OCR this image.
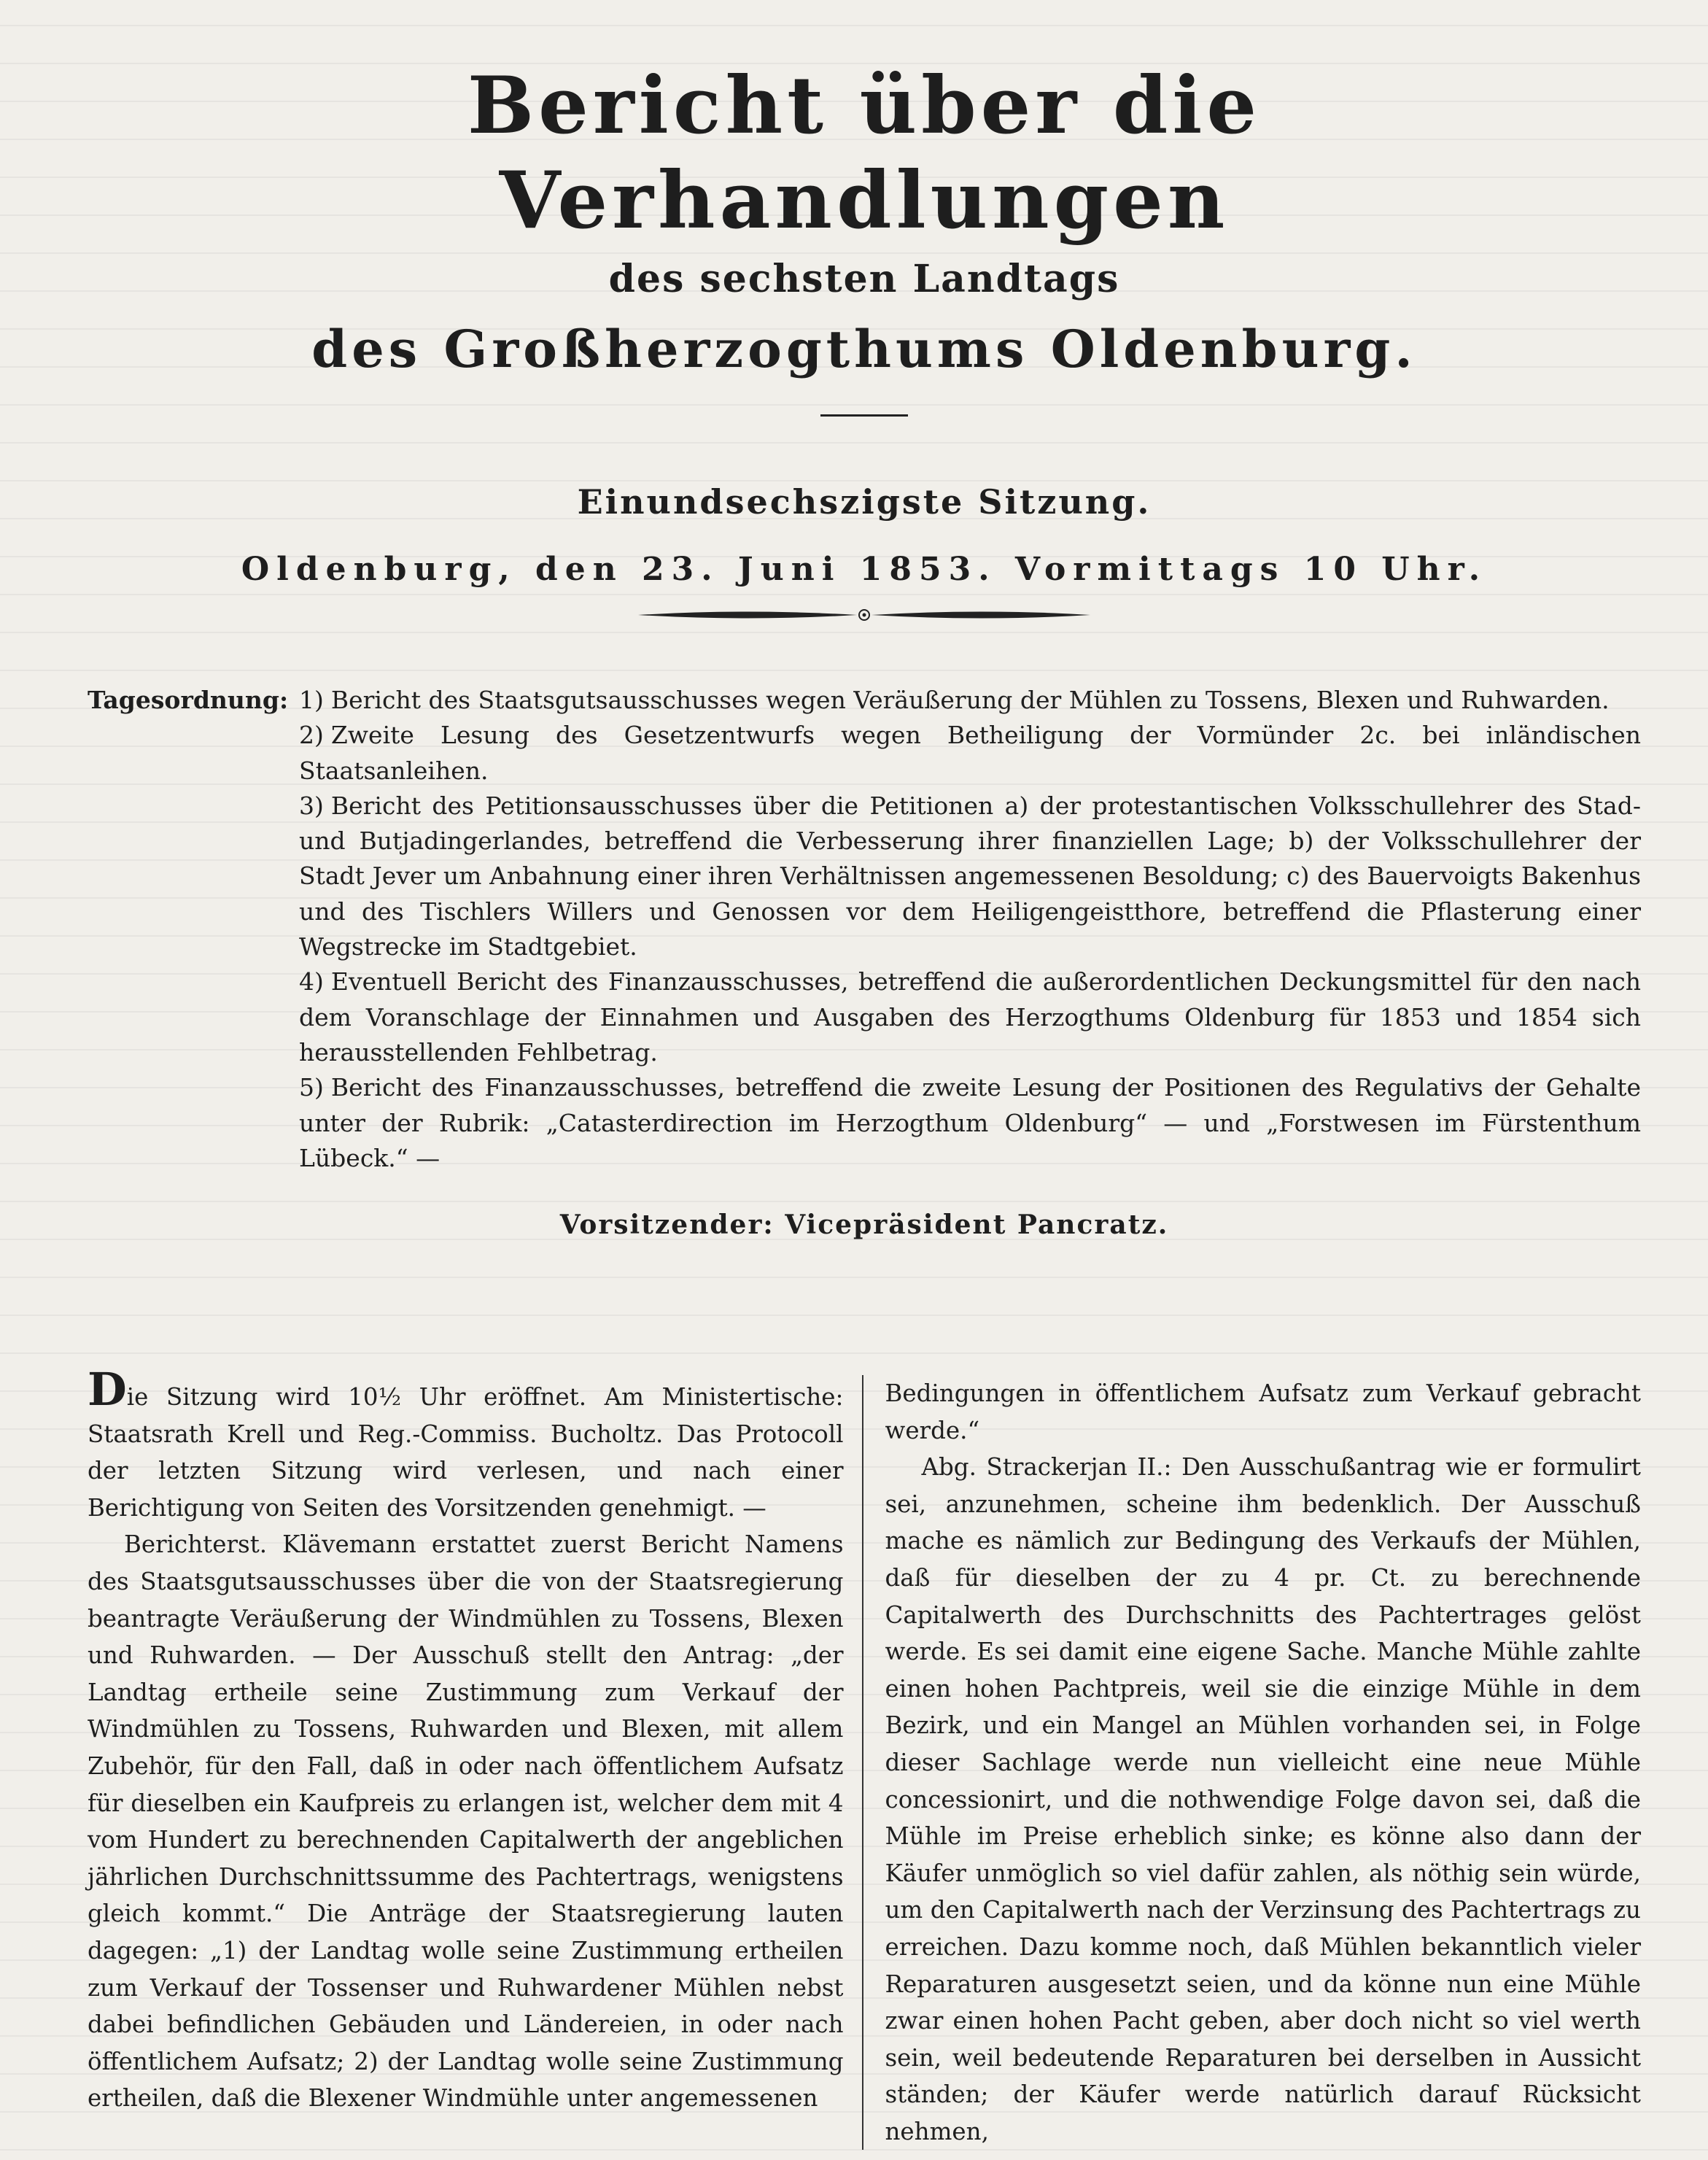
Bericht über die Verhandlungen
des sechsten Landtags
des Großherzogthums Oldenburg.
Einundsechszigste Sitzung.
Oldenburg, den 23. Juni 1853. Vormittags 10 Uhr.
Tagesordnung: 1) Bericht des Staatsgutsausschusses wegen Veräußerung der Mühlen zu Tossens, Blexen und Ruhwarden.

2) Zweite Lesung des Gesetzentwurfs wegen Betheiligung der Vormünder 2c. bei inländischen Staatsanleihen.

3) Bericht des Petitionsausschusses über die Petitionen a) der protestantischen Volksschullehrer des Stad- und Butjadingerlandes, betreffend die Verbesserung ihrer finanziellen Lage; b) der Volksschullehrer der Stadt Jever um Anbahnung einer ihren Verhältnissen angemessenen Besoldung; c) des Bauervoigts Bakenhus und des Tischlers Willers und Genossen vor dem Heiligengeistthore, betreffend die Pflasterung einer Wegstrecke im Stadtgebiet.

4) Eventuell Bericht des Finanzausschusses, betreffend die außerordentlichen Deckungsmittel für den nach dem Voranschlage der Einnahmen und Ausgaben des Herzogthums Oldenburg für 1853 und 1854 sich herausstellenden Fehlbetrag.

5) Bericht des Finanzausschusses, betreffend die zweite Lesung der Positionen des Regulativs der Gehalte unter der Rubrik: „Catasterdirection im Herzogthum Oldenburg“ — und „Forstwesen im Fürstenthum Lübeck.“ —

Vorsitzender: Vicepräsident Pancratz.

Die Sitzung wird 10½ Uhr eröffnet. Am Ministertische: Staatsrath Krell und Reg.-Commiss. Bucholtz. Das Protocoll der letzten Sitzung wird verlesen, und nach einer Berichtigung von Seiten des Vorsitzenden genehmigt. —

Berichterst. Klävemann erstattet zuerst Bericht Namens des Staatsgutsausschusses über die von der Staatsregierung beantragte Veräußerung der Windmühlen zu Tossens, Blexen und Ruhwarden. — Der Ausschuß stellt den Antrag: „der Landtag ertheile seine Zustimmung zum Verkauf der Windmühlen zu Tossens, Ruhwarden und Blexen, mit allem Zubehör, für den Fall, daß in oder nach öffentlichem Aufsatz für dieselben ein Kaufpreis zu erlangen ist, welcher dem mit 4 vom Hundert zu berechnenden Capitalwerth der angeblichen jährlichen Durchschnittssumme des Pachtertrags, wenigstens gleich kommt.“ Die Anträge der Staatsregierung lauten dagegen: „1) der Landtag wolle seine Zustimmung ertheilen zum Verkauf der Tossenser und Ruhwardener Mühlen nebst dabei befindlichen Gebäuden und Ländereien, in oder nach öffentlichem Aufsatz; 2) der Landtag wolle seine Zustimmung ertheilen, daß die Blexener Windmühle unter angemessenen

Bedingungen in öffentlichem Aufsatz zum Verkauf gebracht werde.“

Abg. Strackerjan II.: Den Ausschußantrag wie er formulirt sei, anzunehmen, scheine ihm bedenklich. Der Ausschuß mache es nämlich zur Bedingung des Verkaufs der Mühlen, daß für dieselben der zu 4 pr. Ct. zu berechnende Capitalwerth des Durchschnitts des Pachtertrages gelöst werde. Es sei damit eine eigene Sache. Manche Mühle zahlte einen hohen Pachtpreis, weil sie die einzige Mühle in dem Bezirk, und ein Mangel an Mühlen vorhanden sei, in Folge dieser Sachlage werde nun vielleicht eine neue Mühle concessionirt, und die nothwendige Folge davon sei, daß die Mühle im Preise erheblich sinke; es könne also dann der Käufer unmöglich so viel dafür zahlen, als nöthig sein würde, um den Capitalwerth nach der Verzinsung des Pachtertrags zu erreichen. Dazu komme noch, daß Mühlen bekanntlich vieler Reparaturen ausgesetzt seien, und da könne nun eine Mühle zwar einen hohen Pacht geben, aber doch nicht so viel werth sein, weil bedeutende Reparaturen bei derselben in Aussicht ständen; der Käufer werde natürlich darauf Rücksicht nehmen,
